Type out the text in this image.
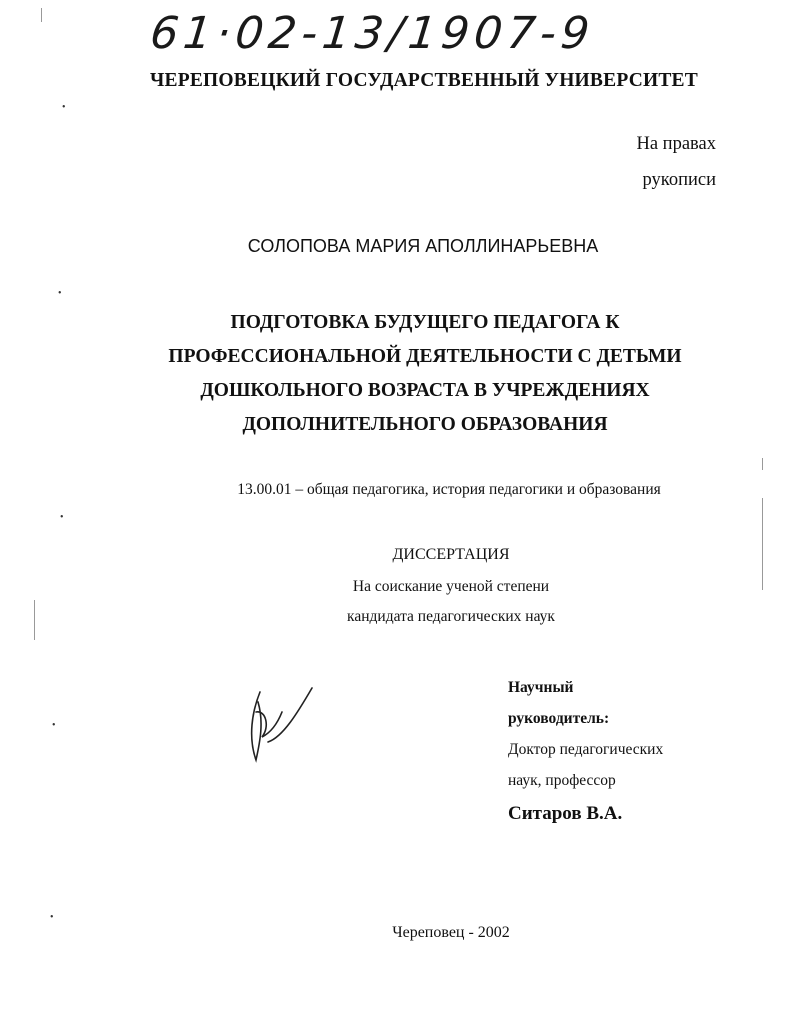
61·02-13/1907-9
ЧЕРЕПОВЕЦКИЙ ГОСУДАРСТВЕННЫЙ УНИВЕРСИТЕТ
На правах
рукописи
СОЛОПОВА МАРИЯ АПОЛЛИНАРЬЕВНА
ПОДГОТОВКА БУДУЩЕГО ПЕДАГОГА К
ПРОФЕССИОНАЛЬНОЙ ДЕЯТЕЛЬНОСТИ С ДЕТЬМИ
ДОШКОЛЬНОГО ВОЗРАСТА В УЧРЕЖДЕНИЯХ
ДОПОЛНИТЕЛЬНОГО ОБРАЗОВАНИЯ
13.00.01 – общая педагогика, история педагогики и образования
ДИССЕРТАЦИЯ
На соискание ученой степени
кандидата педагогических наук
Научный
руководитель:
Доктор педагогических
наук, профессор
Ситаров В.А.
Череповец - 2002
•
•
•
•
•
